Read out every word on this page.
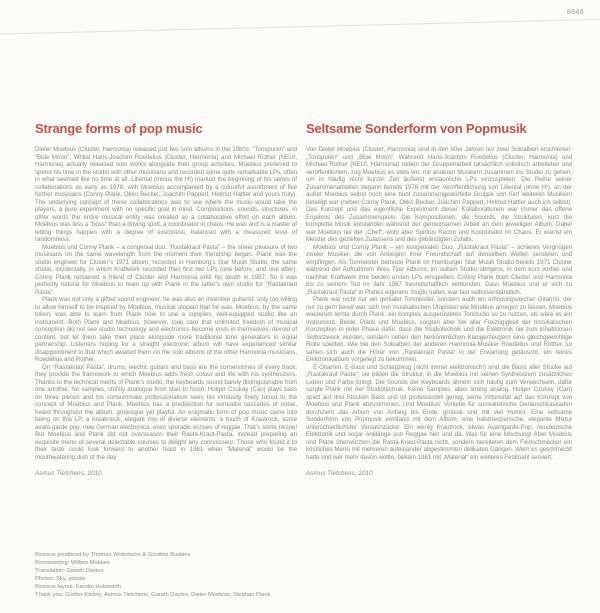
8848
Strange forms of pop music

Dieter Moebius (Cluster, Harmonia) released just two solo albums in the 1980s: “Tonspuren” and “Blue Moon”. Whilst Hans-Joachim Roedelius (Cluster, Harmonia) and Michael Rother (NEU!, Harmonia) actually released solo works alongside their group activities, Moebius preferred to spend his time in the studio with other musicians and recorded some quite remarkable LPs, often in what seemed like no time at all. Liliental (minus the H!) marked the beginning of his series of collaborations as early as 1978, with Moebius accompanied by a colourful assortment of five further musicians (Conny Plank, Okko Becker, Joachim Pappert, Helmut Hattler and yours truly). The underlying concept of these collaborations was to see where the music would take the players, a pure experiment with no specific goal in mind. Compositions, sounds, structures, in other words the entire musical entity was created as a collaborative effort on each album. Moebius was less a “boss” than a driving spirit, a coordinator in chaos. He was and is a master of letting things happen with a degree of exactness, balanced with a measured level of randomness.

Moebius und Conny Plank – a congenial duo. “Rastakraut Pasta” – the sheer pleasure of two musicians on the same wavelength from the moment their friendship began. Plank was the studio engineer for Cluster’s 1971 album, recorded in Hamburg’s Star Musik Studio; the same studio, incidentally, in which Kraftwerk recorded their first two LPs (one before, and one after). Conny Plank remained a friend of Cluster and Harmonia until his death in 1987. So it was perfectly natural for Moebius to team up with Plank in the latter’s own studio for “Rastakraut Pasta”.

Plank was not only a gifted sound engineer, he was also an inventive guitarist, only too willing to allow himself to be inspired by Moebius, musical utopian that he was. Moebius, by the same token, was able to learn from Plank how to use a complex, well-equipped studio like an instrument. Both Plank and Moebius, however, took care that unlimited freedom of musical conception did not see studio technology and electronics become ends in themselves, devoid of content, but let them take their place alongside more traditional tone generators in equal partnership. Listeners hoping for a straight electronic album will have experienced similar disappointment to that which awaited them on the solo albums of the other Harmonia musicians, Roedelius and Rother.

On “Rastakraut Pasta”, drums, electric guitars and bass are the cornerstones of every track; they provide the framework to which Moebius adds fresh colour and life with his synthesizers. Thanks to the technical merits of Plank’s studio, the keyboards sound barely distinguishable from one another. No samples, strictly analogue from start to finish. Holger Czukay (Can) plays bass on three pieces and his consummate professionalism sees his virtuosity finely tuned to the concept of Moebius and Plank. Moebius has a predilection for surrealist cascades of noise, heard throughout the album, grotesque yet playful. An enigmatic form of pop music came into being on this LP, a breakneck, elegant mix of diverse elements: a touch of Krautrock, some avant-garde pop, new German electronica, even sporadic echoes of reggae. That’s some recipe! But Moebius and Plank did not overseason their Rasta-Kraut-Pasta, instead preparing an exquisite menu of several delectable courses to delight any connoisseur. Those who found it to their taste could look forward to another feast in 1981 when “Material” would be the mouthwatering dish of the day

Asmus Tietchens, 2010
Seltsame Sonderform von Popmusik

Von Dieter Moebius (Cluster, Harmonia) sind in den 80er Jahren nur zwei Soloalben erschienen: „Tonspuren“ und „Blue Moon“. Während Hans-Joachim Roedelius (Cluster, Harmonia) und Michael Rother (NEU!, Harmonia) neben der Gruppenarbeit tatsächlich solistisch arbeiteten und veröffentlichten, zog Moebius es stets vor, mit anderen Musikern zusammen ins Studio zu gehen, um in häufig recht kurzer Zeit äußerst erstaunliche LPs einzuspielen. Die Reihe seiner Zusammenarbeiten begann bereits 1978 mit der Veröffentlichung von Liliental (ohne H!), an der außer Moebius selbst noch eine bunt zusammengewürfelte Gruppe von fünf weiteren Musikern beteiligt war (neben Conny Plank, Okko Becker, Joachim Pappert, Helmut Hattler auch ich selbst). Das Konzept und das eigentliche Experiment dieser Kollaborationen war immer das offene Ergebnis des Zusammenspiels. Die Kompositionen, die Sounds, die Strukturen, kurz die komplette Musik entstanden während der gemeinsamen Arbeit an dem jeweiligen Album. Dabei war Moebius nie der „Chef“, wohl aber Spiritus Rector und Koordinator im Chaos. Er war/ist ein Meister des gezielten Zulassens und des gebändigten Zufalls.

Moebius und Conny Plank – ein kongeniales Duo. „Rastakraut Pasta“ – schieres Vergnügen zweier Musiker, die von Anbeginn ihrer Freundschaft auf denselben Wellen sendeten und empfingen. Als Tonmeister betreute Plank im Hamburger Star Musik Studio bereits 1971 Cluster während der Aufnahmen ihres 71er Albums; im selben Studio übrigens, in dem kurz vorher und nachher Kraftwerk ihre beiden ersten LPs einspielten. Conny Plank blieb Cluster und Harmonia bis zu seinem Tod im Jahr 1987 freundschaftlich verbunden. Dass Moebius und er sich zu „Rastakraut Pasta“ in Planks eigenem Studio trafen, war fast selbstverständlich.

Plank war nicht nur ein genialer Tonmeister, sondern auch ein erfindungsreicher Gitarrist, der nur zu gern bereit war, sich von musikalischen Utopisten wie Moebius anregen zu lassen. Moebius wiederum lernte durch Plank, ein komplex ausgerüstetes Tonstudio so zu nutzen, als wäre es ein Instrument. Beide, Plank und Moebius, sorgten aber bei aller Freizügigkeit der musikalischen Konzeption in jeder Phase dafür, dass die Studiotechnik und die Elektronik nie zum inhaltslosen Selbstzweck wurden, sondern neben den herkömmlichen Klangerzeugern eine gleichgewichtige Rolle spielten. Wie bei den Soloalben der anderen Harmonia-Musiker Roedelius und Rother, so sahen sich auch die Hörer von „Rastakraut Pasta“ in der Erwartung getäuscht, ein reines Elektronikalbum vorgelegt zu bekommen.

E-Gitarren, E-Bass und Schlagzeug (nicht immer elektronisch!) sind die Basis aller Stücke auf „Rastakraut Pasta“; sie bilden die Struktur, in die Moebius mit seinen Synthesizern zusätzliches Leben und Farbe bringt. Die Sounds der Keyboards ähneln sich häufig zum Verwechseln, dafür sorgte Plank mit der Studiotechnik. Keine Samples, alles streng analog. Holger Czukay (Can) spielt auf drei Stücken Bass und ist professionell genug, seine Virtuosität auf das Konzept von Moebius und Plank abzustimmen. Und Moebius’ Vorliebe für surrealistische Geräuschkaskaden durchzieht das Album von Anfang bis Ende, grotesk und mit viel Humor. Eine seltsame Sonderform von Popmusik entstand mit dem Album, eine halsbrecherische, elegante Mixtur unterschiedlichster Versatzstücke: Ein wenig Krautrock, etwas Avantgarde-Pop, neudeutsche Elektronik und sogar Anklänge von Reggae hier und da. Was für eine Mischung! Aber Moebius und Plank überwürzten die Rasta-Kraut-Pasta nicht, sondern bereiteten dem Feinschmecker ein köstliches Menü mit mehreren aufeinander abgestimmten delikaten Gängen. Wem es geschmeckt hatte und wer mehr davon wollte, bekam 1981 mit „Material“ ein weiteres Festmahl serviert.

Asmus Tietchens, 2010
Reissue produced by Thomas Wothmann & Günther Buskies
Remastering: Willem Makkee
Translation: Gareth Davies
Photos: Sky, private
Reissue layout: Kerstin Holzwarth
Thank you: Günter Körber, Asmus Tietchens, Gareth Davies, Dieter Moebius, Stephan Plank
